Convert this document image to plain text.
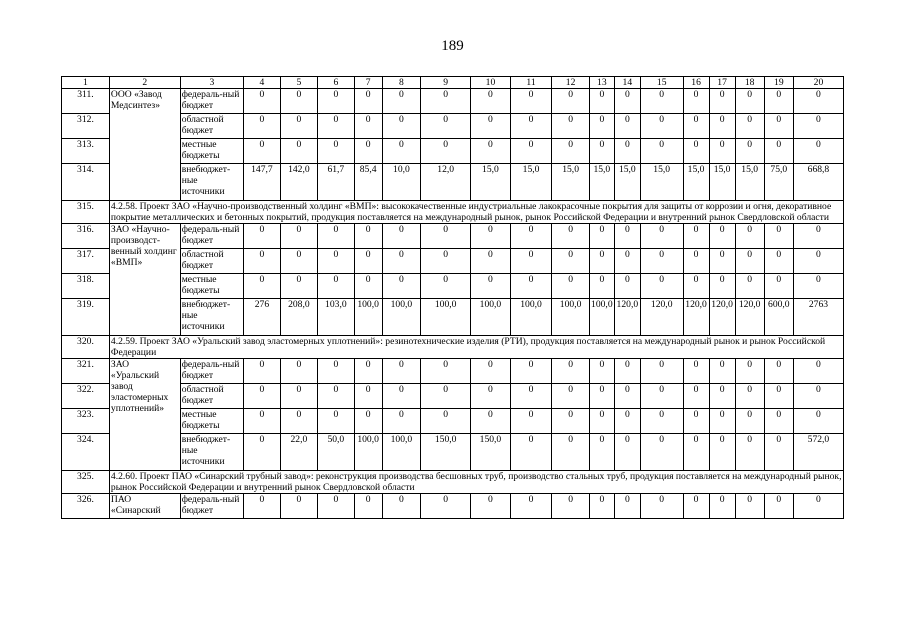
189
1	2	3	4	5	6	7	8	9	10	11	12	13	14	15	16	17	18	19	20
311.	ООО «Завод Медсинтез»	федераль-ный бюджет	0	0	0	0	0	0	0	0	0	0	0	0	0	0	0	0	0
312.		областной бюджет	0	0	0	0	0	0	0	0	0	0	0	0	0	0	0	0	0
313.		местные бюджеты	0	0	0	0	0	0	0	0	0	0	0	0	0	0	0	0	0
314.		внебюджет-ные источники	147,7	142,0	61,7	85,4	10,0	12,0	15,0	15,0	15,0	15,0	15,0	15,0	15,0	15,0	15,0	75,0	668,8
315.	4.2.58. Проект ЗАО «Научно-производственный холдинг «ВМП»: высококачественные индустриальные лакокрасочные покрытия для защиты от коррозии и огня, декоративное покрытие металлических и бетонных покрытий, продукция поставляется на международный рынок, рынок Российской Федерации и внутренний рынок Свердловской области																		
316.	ЗАО «Научно-производст-венный холдинг «ВМП»	федераль-ный бюджет	0	0	0	0	0	0	0	0	0	0	0	0	0	0	0	0	0
317.		областной бюджет	0	0	0	0	0	0	0	0	0	0	0	0	0	0	0	0	0
318.		местные бюджеты	0	0	0	0	0	0	0	0	0	0	0	0	0	0	0	0	0
319.		внебюджет-ные источники	276	208,0	103,0	100,0	100,0	100,0	100,0	100,0	100,0	100,0	120,0	120,0	120,0	120,0	120,0	600,0	2763
320.	4.2.59. Проект ЗАО «Уральский завод эластомерных уплотнений»: резинотехнические изделия (РТИ), продукция поставляется на международный рынок и рынок Российской Федерации																		
321.	ЗАО «Уральский завод эластомерных уплотнений»	федераль-ный бюджет	0	0	0	0	0	0	0	0	0	0	0	0	0	0	0	0	0
322.		областной бюджет	0	0	0	0	0	0	0	0	0	0	0	0	0	0	0	0	0
323.		местные бюджеты	0	0	0	0	0	0	0	0	0	0	0	0	0	0	0	0	0
324.		внебюджет-ные источники	0	22,0	50,0	100,0	100,0	150,0	150,0	0	0	0	0	0	0	0	0	0	572,0
325.	4.2.60. Проект ПАО «Синарский трубный завод»: реконструкция производства бесшовных труб, производство стальных труб, продукция поставляется на международный рынок, рынок Российской Федерации и внутренний рынок Свердловской области																		
326.	ПАО «Синарский	федераль-ный бюджет	0	0	0	0	0	0	0	0	0	0	0	0	0	0	0	0	0
